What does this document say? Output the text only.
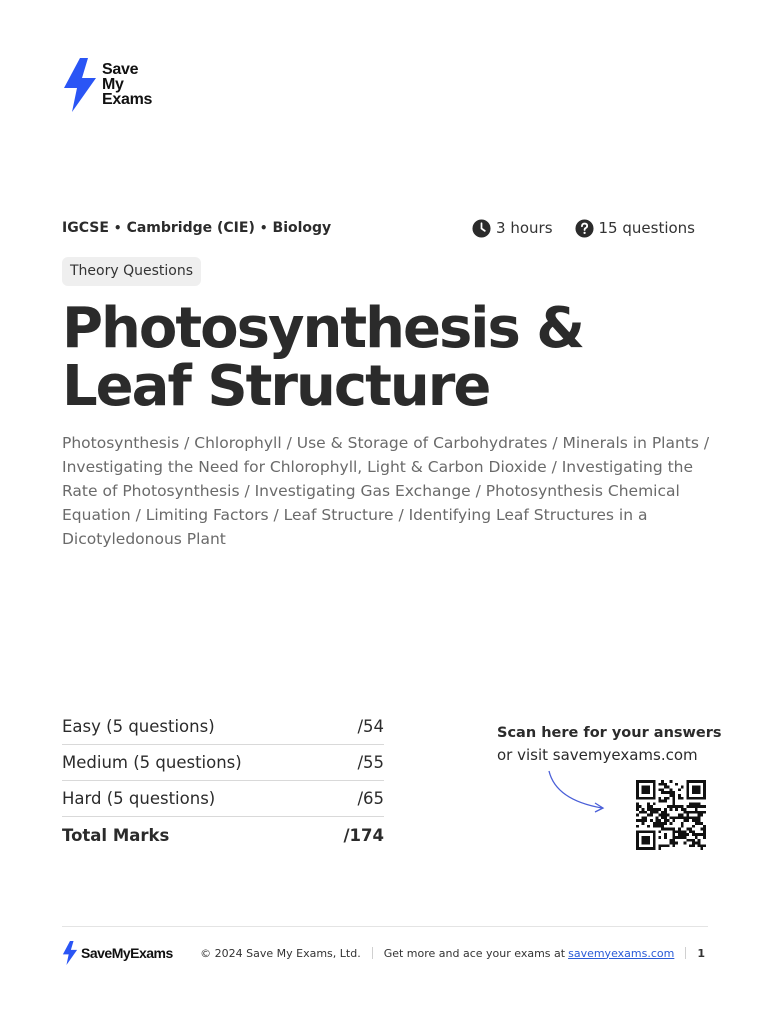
Save
My
Exams
IGCSE • Cambridge (CIE) • Biology	3 hours	15 questions
Theory Questions
Photosynthesis &
Leaf Structure

Photosynthesis / Chlorophyll / Use & Storage of Carbohydrates / Minerals in Plants / Investigating the Need for Chlorophyll, Light & Carbon Dioxide / Investigating the Rate of Photosynthesis / Investigating Gas Exchange / Photosynthesis Chemical Equation / Limiting Factors / Leaf Structure / Identifying Leaf Structures in a Dicotyledonous Plant

Easy (5 questions)	/54
Medium (5 questions)	/55
Hard (5 questions)	/65
Total Marks	/174
Scan here for your answers
or visit savemyexams.com
SaveMyExams © 2024 Save My Exams, Ltd. Get more and ace your exams at savemyexams.com 1
